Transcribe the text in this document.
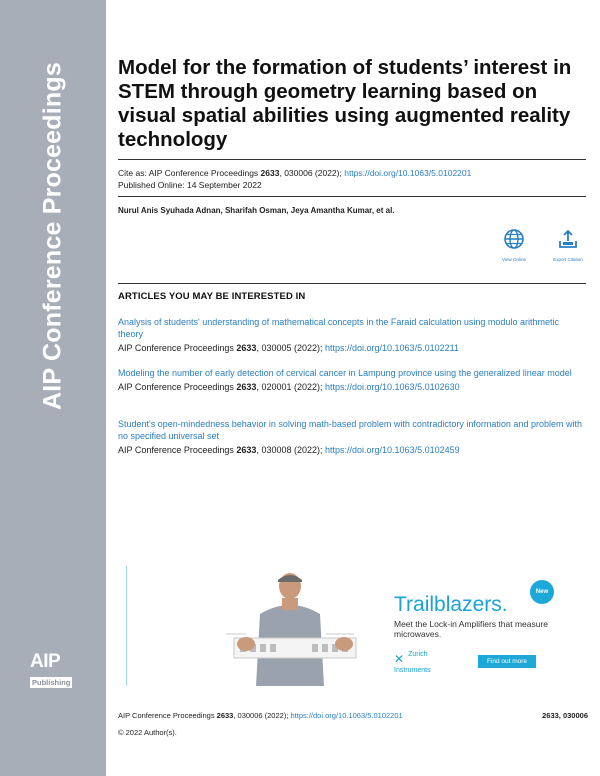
AIP Conference Proceedings
AIP
Publishing
Model for the formation of students’ interest in STEM through geometry learning based on visual spatial abilities using augmented reality technology
Cite as: AIP Conference Proceedings 2633, 030006 (2022); https://doi.org/10.1063/5.0102201
Published Online: 14 September 2022
Nurul Anis Syuhada Adnan, Sharifah Osman, Jeya Amantha Kumar, et al.
View Online	Export Citation
ARTICLES YOU MAY BE INTERESTED IN
Analysis of students' understanding of mathematical concepts in the Faraid calculation using modulo arithmetic theory
AIP Conference Proceedings 2633, 030005 (2022); https://doi.org/10.1063/5.0102211
Modeling the number of early detection of cervical cancer in Lampung province using the generalized linear model
AIP Conference Proceedings 2633, 020001 (2022); https://doi.org/10.1063/5.0102630
Student's open-mindedness behavior in solving math-based problem with contradictory information and problem with no specified universal set
AIP Conference Proceedings 2633, 030008 (2022); https://doi.org/10.1063/5.0102459
New
Trailblazers.
Meet the Lock-in Amplifiers that measure microwaves.
✕ Zurich
Instruments
Find out more
AIP Conference Proceedings 2633, 030006 (2022); https://doi.org/10.1063/5.0102201	2633, 030006
© 2022 Author(s).
